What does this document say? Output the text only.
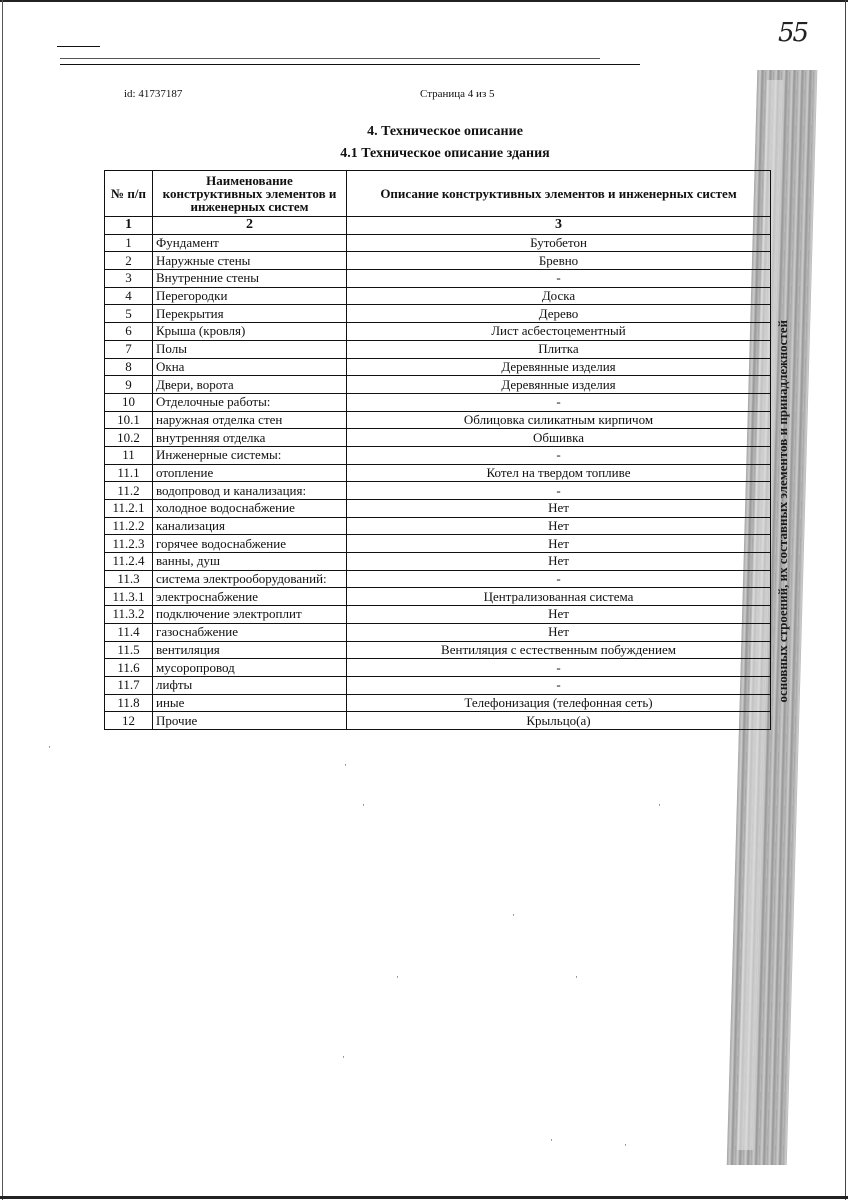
55
id: 41737187	Страница 4 из 5
4. Техническое описание
4.1 Техническое описание здания
№ п/п	Наименование конструктивных элементов и инженерных систем	Описание конструктивных элементов и инженерных систем
1	2	3
1	Фундамент	Бутобетон
2	Наружные стены	Бревно
3	Внутренние стены	-
4	Перегородки	Доска
5	Перекрытия	Дерево
6	Крыша (кровля)	Лист асбестоцементный
7	Полы	Плитка
8	Окна	Деревянные изделия
9	Двери, ворота	Деревянные изделия
10	Отделочные работы:	-
10.1	наружная отделка стен	Облицовка силикатным кирпичом
10.2	внутренняя отделка	Обшивка
11	Инженерные системы:	-
11.1	отопление	Котел на твердом топливе
11.2	водопровод и канализация:	-
11.2.1	холодное водоснабжение	Нет
11.2.2	канализация	Нет
11.2.3	горячее водоснабжение	Нет
11.2.4	ванны, душ	Нет
11.3	система электрооборудований:	-
11.3.1	электроснабжение	Централизованная система
11.3.2	подключение электроплит	Нет
11.4	газоснабжение	Нет
11.5	вентиляция	Вентиляция с естественным побуждением
11.6	мусоропровод	-
11.7	лифты	-
11.8	иные	Телефонизация (телефонная сеть)
12	Прочие	Крыльцо(а)
основных строений, их составных элементов и принадлежностей
·
·
·	·
·
·	·
·
·	·
